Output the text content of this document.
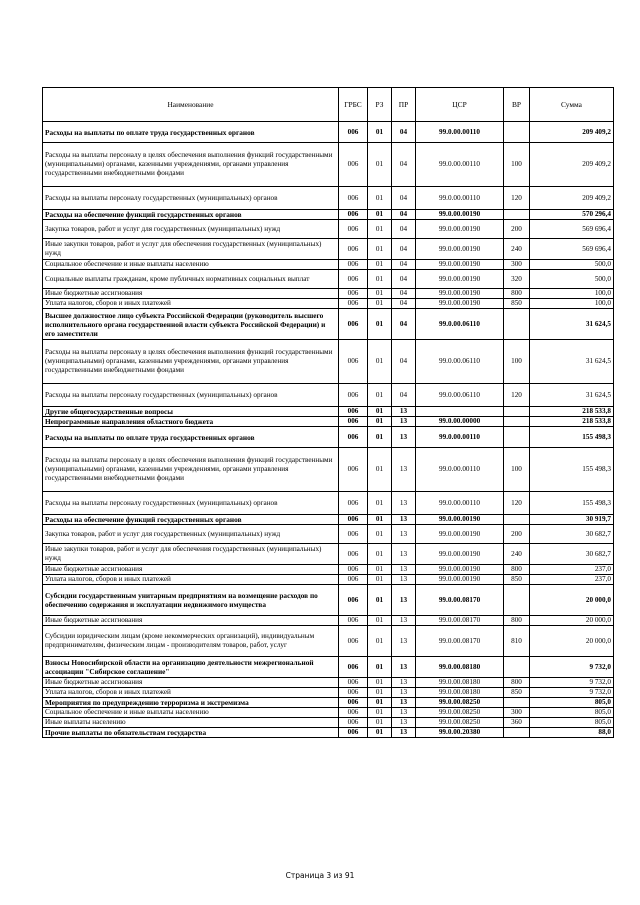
Наименование	ГРБС	РЗ	ПР	ЦСР	ВР	Сумма
Расходы на выплаты по оплате труда государственных органов	006	01	04	99.0.00.00110		209 409,2
Расходы на выплаты персоналу в целях обеспечения выполнения функций государственными (муниципальными) органами, казенными учреждениями, органами управления государственными внебюджетными фондами	006	01	04	99.0.00.00110	100	209 409,2
Расходы на выплаты персоналу государственных (муниципальных) органов	006	01	04	99.0.00.00110	120	209 409,2
Расходы на обеспечение функций государственных органов	006	01	04	99.0.00.00190		570 296,4
Закупка товаров, работ и услуг для государственных (муниципальных) нужд	006	01	04	99.0.00.00190	200	569 696,4
Иные закупки товаров, работ и услуг для обеспечения государственных (муниципальных) нужд	006	01	04	99.0.00.00190	240	569 696,4
Социальное обеспечение и иные выплаты населению	006	01	04	99.0.00.00190	300	500,0
Социальные выплаты гражданам, кроме публичных нормативных социальных выплат	006	01	04	99.0.00.00190	320	500,0
Иные бюджетные ассигнования	006	01	04	99.0.00.00190	800	100,0
Уплата налогов, сборов и иных платежей	006	01	04	99.0.00.00190	850	100,0
Высшее должностное лицо субъекта Российской Федерации (руководитель высшего исполнительного органа государственной власти субъекта Российской Федерации) и его заместители	006	01	04	99.0.00.06110		31 624,5
Расходы на выплаты персоналу в целях обеспечения выполнения функций государственными (муниципальными) органами, казенными учреждениями, органами управления государственными внебюджетными фондами	006	01	04	99.0.00.06110	100	31 624,5
Расходы на выплаты персоналу государственных (муниципальных) органов	006	01	04	99.0.00.06110	120	31 624,5
Другие общегосударственные вопросы	006	01	13			218 533,8
Непрограммные направления областного бюджета	006	01	13	99.0.00.00000		218 533,8
Расходы на выплаты по оплате труда государственных органов	006	01	13	99.0.00.00110		155 498,3
Расходы на выплаты персоналу в целях обеспечения выполнения функций государственными (муниципальными) органами, казенными учреждениями, органами управления государственными внебюджетными фондами	006	01	13	99.0.00.00110	100	155 498,3
Расходы на выплаты персоналу государственных (муниципальных) органов	006	01	13	99.0.00.00110	120	155 498,3
Расходы на обеспечение функций государственных органов	006	01	13	99.0.00.00190		30 919,7
Закупка товаров, работ и услуг для государственных (муниципальных) нужд	006	01	13	99.0.00.00190	200	30 682,7
Иные закупки товаров, работ и услуг для обеспечения государственных (муниципальных) нужд	006	01	13	99.0.00.00190	240	30 682,7
Иные бюджетные ассигнования	006	01	13	99.0.00.00190	800	237,0
Уплата налогов, сборов и иных платежей	006	01	13	99.0.00.00190	850	237,0
Субсидии государственным унитарным предприятиям на возмещение расходов по обеспечению содержания и эксплуатации недвижимого имущества	006	01	13	99.0.00.08170		20 000,0
Иные бюджетные ассигнования	006	01	13	99.0.00.08170	800	20 000,0
Субсидии юридическим лицам (кроме некоммерческих организаций), индивидуальным предпринимателям, физическим лицам - производителям товаров, работ, услуг	006	01	13	99.0.00.08170	810	20 000,0
Взносы Новосибирской области на организацию деятельности межрегиональной ассоциации "Сибирское соглашение"	006	01	13	99.0.00.08180		9 732,0
Иные бюджетные ассигнования	006	01	13	99.0.00.08180	800	9 732,0
Уплата налогов, сборов и иных платежей	006	01	13	99.0.00.08180	850	9 732,0
Мероприятия по предупреждению терроризма и экстремизма	006	01	13	99.0.00.08250		805,0
Социальное обеспечение и иные выплаты населению	006	01	13	99.0.00.08250	300	805,0
Иные выплаты населению	006	01	13	99.0.00.08250	360	805,0
Прочие выплаты по обязательствам государства	006	01	13	99.0.00.20380		88,0
Страница 3 из 91
